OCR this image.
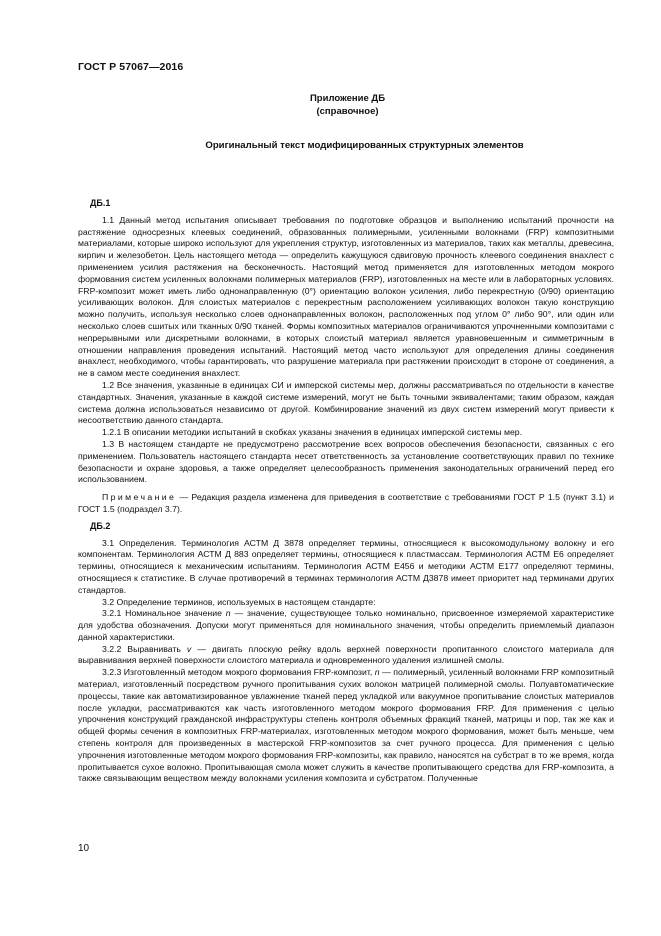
ГОСТ Р 57067—2016
Приложение ДБ
(справочное)
Оригинальный текст модифицированных структурных элементов
ДБ.1

1.1 Данный метод испытания описывает требования по подготовке образцов и выполнению испытаний прочности на растяжение односрезных клеевых соединений, образованных полимерными, усиленными волокнами (FRP) композитными материалами, которые широко используют для укрепления структур, изготовленных из материалов, таких как металлы, древесина, кирпич и железобетон. Цель настоящего метода — определить кажущуюся сдвиговую прочность клеевого соединения внахлест с применением усилия растяжения на бесконечность. Настоящий метод применяется для изготовленных методом мокрого формования систем усиленных волокнами полимерных материалов (FRP), изготовленных на месте или в лабораторных условиях. FRP-композит может иметь либо однонаправленную (0°) ориентацию волокон усиления, либо перекрестную (0/90) ориентацию усиливающих волокон. Для слоистых материалов с перекрестным расположением усиливающих волокон такую конструкцию можно получить, используя несколько слоев однонаправленных волокон, расположенных под углом 0° либо 90°, или один или несколько слоев сшитых или тканных 0/90 тканей. Формы композитных материалов ограничиваются упрочненными композитами с непрерывными или дискретными волокнами, в которых слоистый материал является уравновешенным и симметричным в отношении направления проведения испытаний. Настоящий метод часто используют для определения длины соединения внахлест, необходимого, чтобы гарантировать, что разрушение материала при растяжении происходит в стороне от соединения, а не в самом месте соединения внахлест.

1.2 Все значения, указанные в единицах СИ и имперской системы мер, должны рассматриваться по отдельности в качестве стандартных. Значения, указанные в каждой системе измерений, могут не быть точными эквивалентами; таким образом, каждая система должна использоваться независимо от другой. Комбинирование значений из двух систем измерений могут привести к несоответствию данного стандарта.

1.2.1 В описании методики испытаний в скобках указаны значения в единицах имперской системы мер.

1.3 В настоящем стандарте не предусмотрено рассмотрение всех вопросов обеспечения безопасности, связанных с его применением. Пользователь настоящего стандарта несет ответственность за установление соответствующих правил по технике безопасности и охране здоровья, а также определяет целесообразность применения законодательных ограничений перед его использованием.

Примечание — Редакция раздела изменена для приведения в соответствие с требованиями ГОСТ Р 1.5 (пункт 3.1) и ГОСТ 1.5 (подраздел 3.7).

ДБ.2

3.1 Определения. Терминология АСТМ Д 3878 определяет термины, относящиеся к высокомодульному волокну и его компонентам. Терминология АСТМ Д 883 определяет термины, относящиеся к пластмассам. Терминология АСТМ Е6 определяет термины, относящиеся к механическим испытаниям. Терминология АСТМ Е456 и методики АСТМ Е177 определяют термины, относящиеся к статистике. В случае противоречий в терминах терминология АСТМ Д3878 имеет приоритет над терминами других стандартов.

3.2 Определение терминов, используемых в настоящем стандарте:

3.2.1 Номинальное значение n — значение, существующее только номинально, присвоенное измеряемой характеристике для удобства обозначения. Допуски могут применяться для номинального значения, чтобы определить приемлемый диапазон данной характеристики.

3.2.2 Выравнивать v — двигать плоскую рейку вдоль верхней поверхности пропитанного слоистого материала для выравнивания верхней поверхности слоистого материала и одновременного удаления излишней смолы.

3.2.3 Изготовленный методом мокрого формования FRP-композит, n — полимерный, усиленный волокнами FRP композитный материал, изготовленный посредством ручного пропитывания сухих волокон матрицей полимерной смолы. Полуавтоматические процессы, такие как автоматизированное увлажнение тканей перед укладкой или вакуумное пропитывание слоистых материалов после укладки, рассматриваются как часть изготовленного методом мокрого формования FRP. Для применения с целью упрочнения конструкций гражданской инфраструктуры степень контроля объемных фракций тканей, матрицы и пор, так же как и общей формы сечения в композитных FRP-материалах, изготовленных методом мокрого формования, может быть меньше, чем степень контроля для произведенных в мастерской FRP-композитов за счет ручного процесса. Для применения с целью упрочнения изготовленные методом мокрого формования FRP-композиты, как правило, наносятся на субстрат в то же время, когда пропитывается сухое волокно. Пропитывающая смола может служить в качестве пропитывающего средства для FRP-композита, а также связывающим веществом между волокнами усиления композита и субстратом. Полученные

10
